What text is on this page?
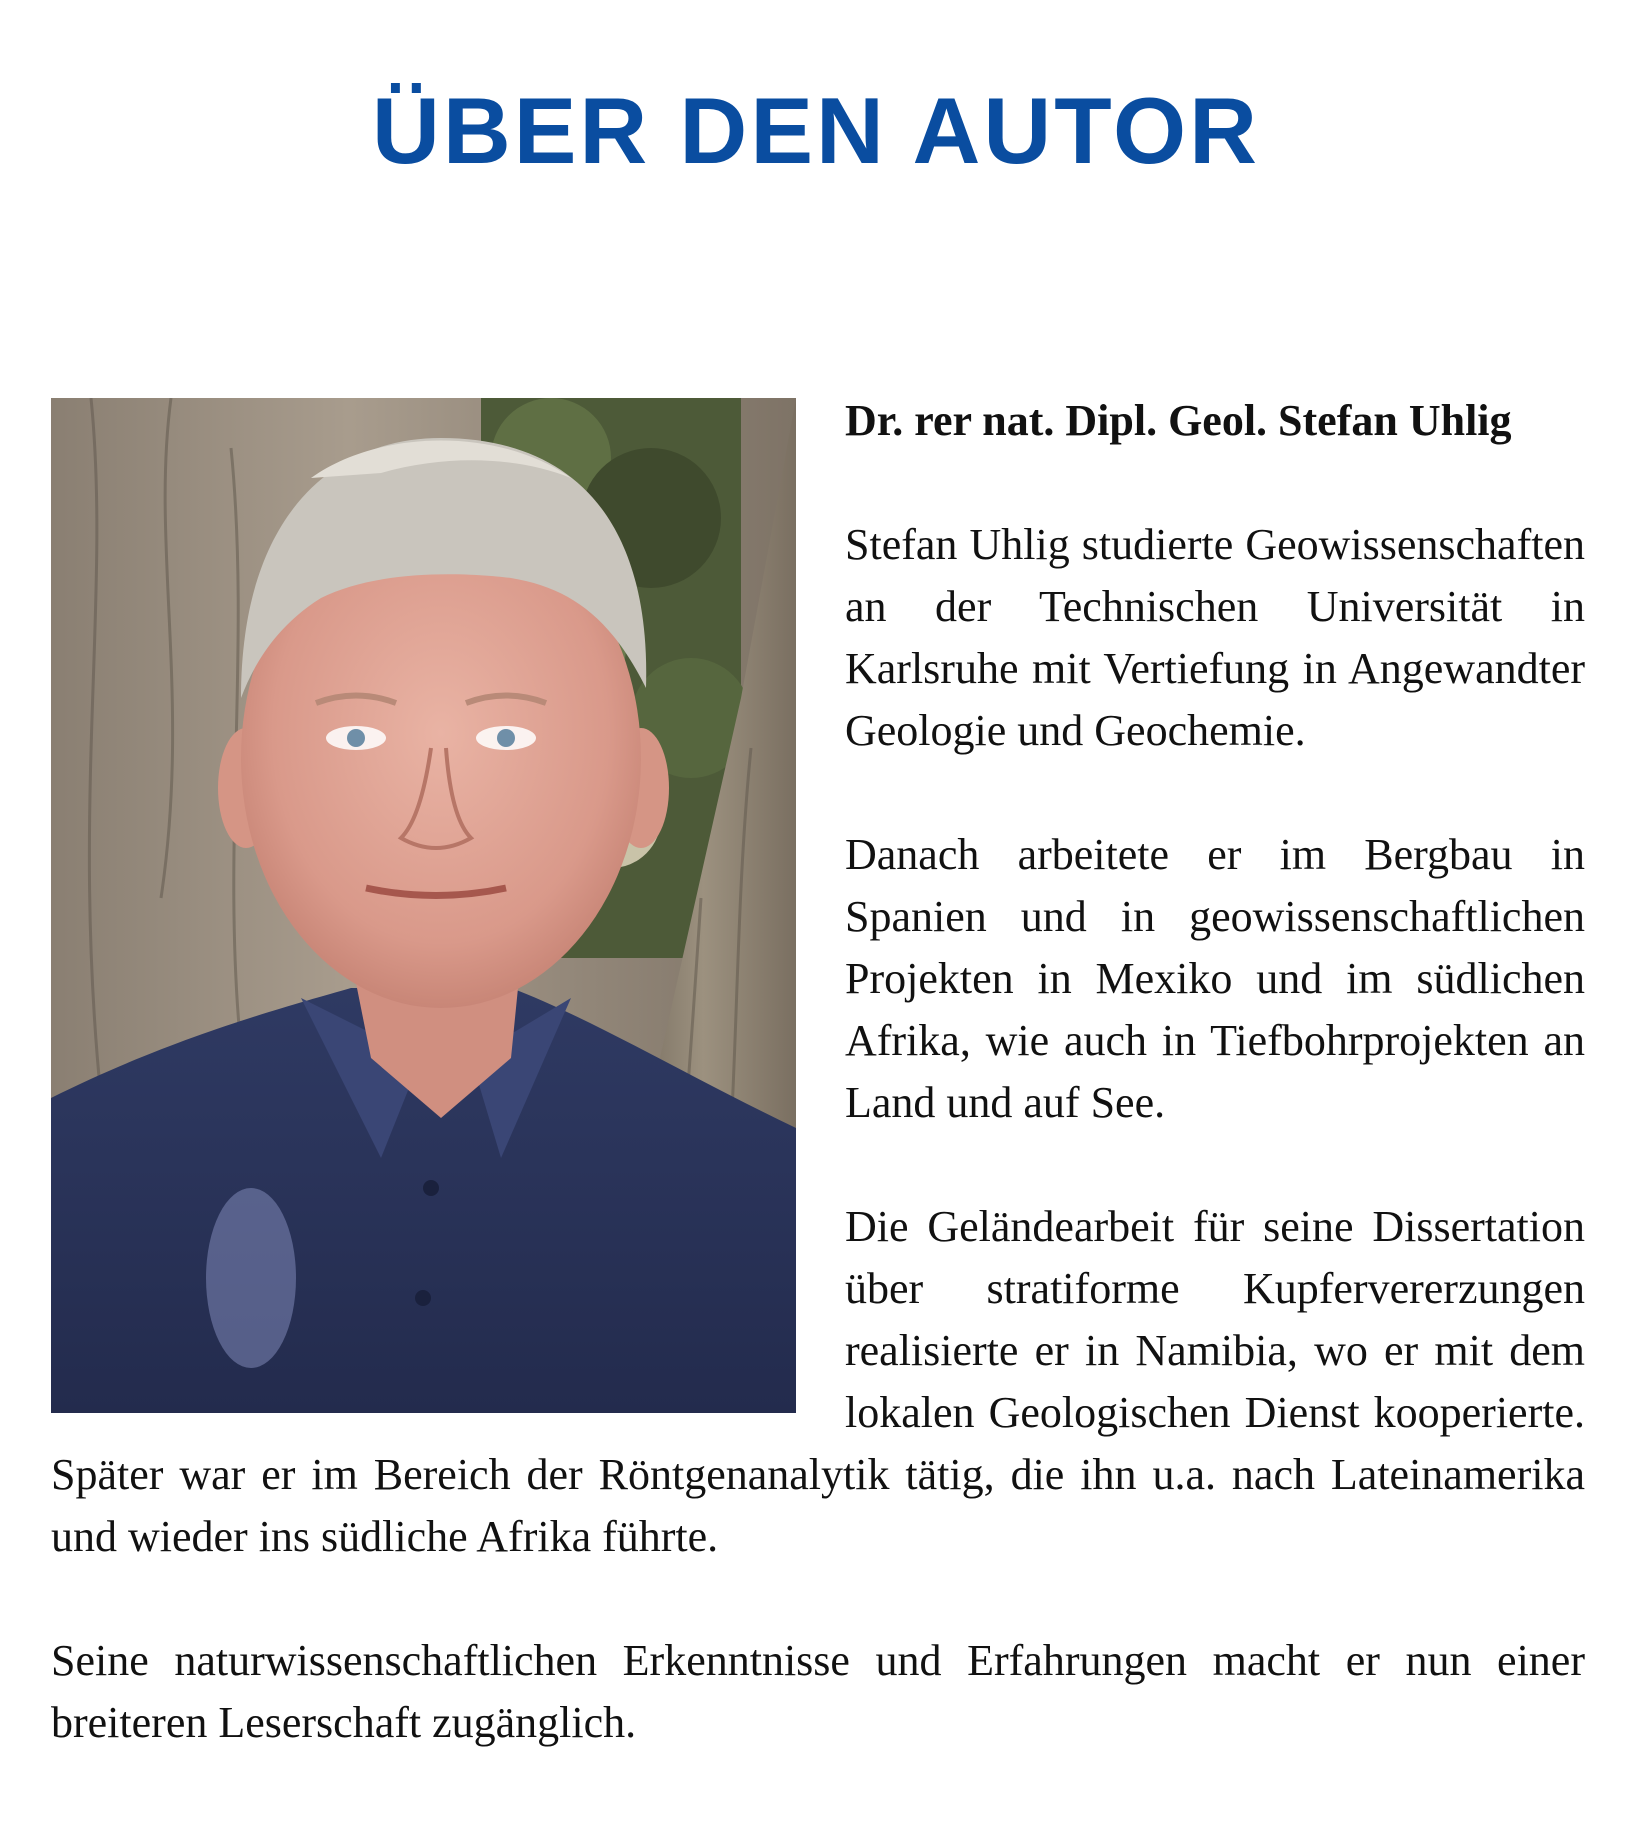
ÜBER DEN AUTOR

Dr. rer nat. Dipl. Geol. Stefan Uhlig

Stefan Uhlig studierte Geowissenschaften an der Technischen Universität in Karlsruhe mit Vertiefung in Angewandter Geologie und Geochemie.

Danach arbeitete er im Bergbau in Spanien und in geowissenschaftlichen Projekten in Mexiko und im südlichen Afrika, wie auch in Tiefbohrprojekten an Land und auf See.

Die Geländearbeit für seine Dissertation über stratiforme Kupfervererzungen realisierte er in Namibia, wo er mit dem lokalen Geologischen Dienst kooperierte. Später war er im Bereich der Röntgenanalytik tätig, die ihn u.a. nach Lateinamerika und wieder ins südliche Afrika führte.

Seine naturwissenschaftlichen Erkenntnisse und Erfahrungen macht er nun einer breiteren Leserschaft zugänglich.
